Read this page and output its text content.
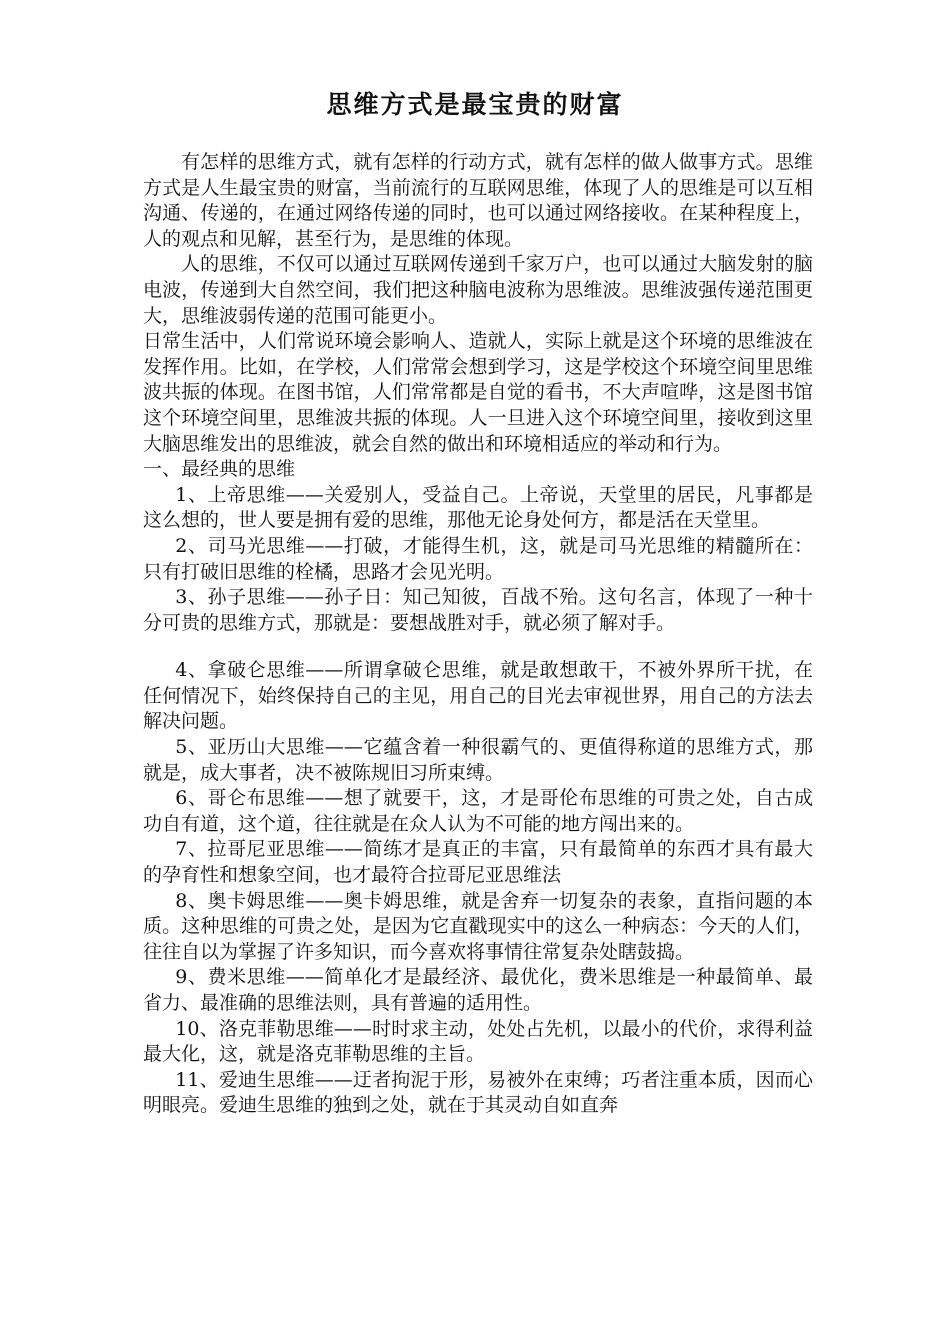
思维方式是最宝贵的财富

有怎样的思维方式，就有怎样的行动方式，就有怎样的做人做事方式。思维方式是人生最宝贵的财富，当前流行的互联网思维，体现了人的思维是可以互相沟通、传递的，在通过网络传递的同时，也可以通过网络接收。在某种程度上，人的观点和见解，甚至行为，是思维的体现。

人的思维，不仅可以通过互联网传递到千家万户，也可以通过大脑发射的脑电波，传递到大自然空间，我们把这种脑电波称为思维波。思维波强传递范围更大，思维波弱传递的范围可能更小。

日常生活中，人们常说环境会影响人、造就人，实际上就是这个环境的思维波在发挥作用。比如，在学校，人们常常会想到学习，这是学校这个环境空间里思维波共振的体现。在图书馆，人们常常都是自觉的看书，不大声喧哗，这是图书馆这个环境空间里，思维波共振的体现。人一旦进入这个环境空间里，接收到这里大脑思维发出的思维波，就会自然的做出和环境相适应的举动和行为。

一、最经典的思维

1、上帝思维——关爱别人，受益自己。上帝说，天堂里的居民，凡事都是这么想的，世人要是拥有爱的思维，那他无论身处何方，都是活在天堂里。

2、司马光思维——打破，才能得生机，这，就是司马光思维的精髓所在：只有打破旧思维的栓橘，思路才会见光明。

3、孙子思维——孙子日：知己知彼，百战不殆。这句名言，体现了一种十分可贵的思维方式，那就是：要想战胜对手，就必须了解对手。

4、拿破仑思维——所谓拿破仑思维，就是敢想敢干，不被外界所干扰，在任何情况下，始终保持自己的主见，用自己的目光去审视世界，用自己的方法去解决问题。

5、亚历山大思维——它蕴含着一种很霸气的、更值得称道的思维方式，那就是，成大事者，决不被陈规旧习所束缚。

6、哥仑布思维——想了就要干，这，才是哥伦布思维的可贵之处，自古成功自有道，这个道，往往就是在众人认为不可能的地方闯出来的。

7、拉哥尼亚思维——简练才是真正的丰富，只有最简单的东西才具有最大的孕育性和想象空间，也才最符合拉哥尼亚思维法

8、奥卡姆思维——奥卡姆思维，就是舍弃一切复杂的表象，直指问题的本质。这种思维的可贵之处，是因为它直戳现实中的这么一种病态：今天的人们，往往自以为掌握了许多知识，而今喜欢将事情往常复杂处瞎鼓捣。

9、费米思维——简单化才是最经济、最优化，费米思维是一种最简单、最省力、最准确的思维法则，具有普遍的适用性。

10、洛克菲勒思维——时时求主动，处处占先机，以最小的代价，求得利益最大化，这，就是洛克菲勒思维的主旨。

11、爱迪生思维——迂者拘泥于形，易被外在束缚；巧者注重本质，因而心明眼亮。爱迪生思维的独到之处，就在于其灵动自如直奔
